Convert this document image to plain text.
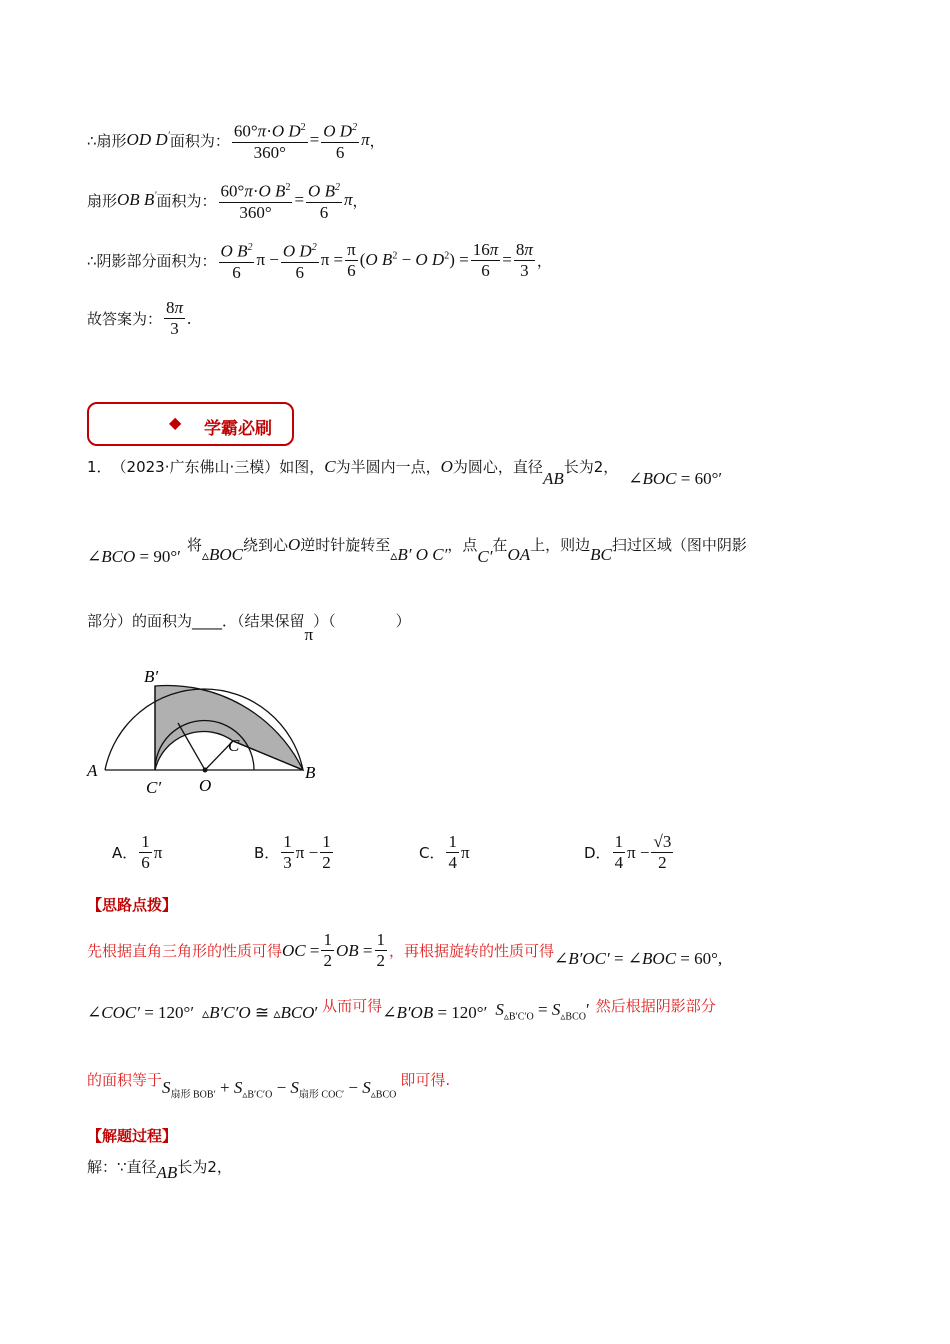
∴扇形 OD D′ 面积为： $\frac{60^\circ\pi\cdot O D^2}{360^\circ} = \frac{O D^2}{6}$ π ，
扇形 OB B′ 面积为： $\frac{60^\circ\pi\cdot O B^2}{360^\circ} = \frac{O B^2}{6}$ π ，
∴阴影部分面积为： $\frac{O B^2}{6}$ $\pi - \frac{O D^2}{6}$ $\pi = \frac{\pi}{6} (O$ $B^2 - O$ $D^2) = \frac{16\pi}{6} = \frac{8\pi}{3}$ ，
故答案为： $\frac{8\pi}{3}$ .
◆ 学霸必刷
1． （2023·广东佛山·三模） 如图， C 为半圆内一点， O 为圆心，直径
AB
长为2，
∠BOC = 60°′
∠BCO = 90°′
将
▵BOC 绕到心 O 逆时针旋转至
▵B′ O C′ ，点
C′
在 OA 上，则边 BC 扫过区域（图中阴影
部分）的面积为____．（结果保留
π
）（　　　　）
A	B
O
C
B′
C′
A． $\frac{1}{6}$ π	B． $\frac{1}{3}$ $\pi - \frac{1}{2}$	C． $\frac{1}{4}$ π	D． $\frac{1}{4}$ $\pi - \frac{√3}{2}$
【思路点拨】
先根据直角三角形的性质可得 OC = $\frac{1}{2}$ OB = $\frac{1}{2}$ ，再根据旋转的性质可得 ∠B′OC′ = ∠BOC = 60°,
∠COC′ = 120°′ ▵B′C′O ≅ ▵BCO′ 从而可得 ∠B′OB = 120°′ $S_{▵B'C'O} = S_{▵BCO}'$ 然后根据阴影部分
的面积等于 $S_{扇形 BOB'} + S_{▵B'C'O} - S_{扇形 COC'} - S_{▵BCO}$
即可得.
【解题过程】
解：∵直径 AB 长为2，
